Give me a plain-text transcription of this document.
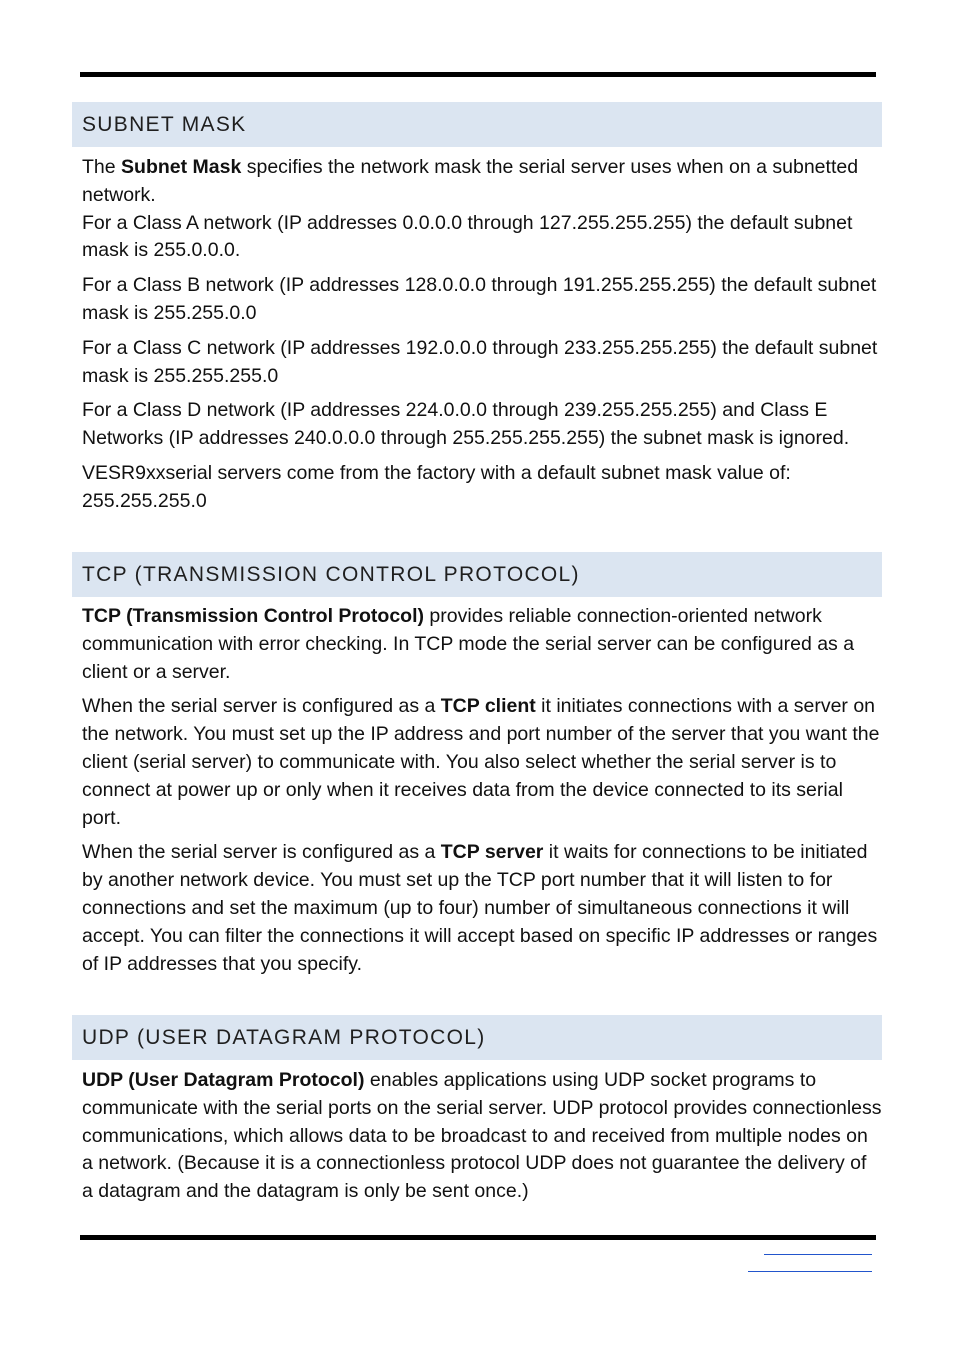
SUBNET MASK

The Subnet Mask specifies the network mask the serial server uses when on a subnetted network.

For a Class A network (IP addresses 0.0.0.0 through 127.255.255.255) the default subnet mask is 255.0.0.0.

For a Class B network (IP addresses 128.0.0.0 through 191.255.255.255) the default subnet mask is 255.255.0.0

For a Class C network (IP addresses 192.0.0.0 through 233.255.255.255) the default subnet mask is 255.255.255.0

For a Class D network (IP addresses 224.0.0.0 through 239.255.255.255) and Class E Networks (IP addresses 240.0.0.0 through 255.255.255.255) the subnet mask is ignored.

VESR9xxserial servers come from the factory with a default subnet mask value of: 255.255.255.0

TCP (TRANSMISSION CONTROL PROTOCOL)

TCP (Transmission Control Protocol) provides reliable connection-oriented network communication with error checking. In TCP mode the serial server can be configured as a client or a server.

When the serial server is configured as a TCP client it initiates connections with a server on the network. You must set up the IP address and port number of the server that you want the client (serial server) to communicate with. You also select whether the serial server is to connect at power up or only when it receives data from the device connected to its serial port.

When the serial server is configured as a TCP server it waits for connections to be initiated by another network device. You must set up the TCP port number that it will listen to for connections and set the maximum (up to four) number of simultaneous connections it will accept. You can filter the connections it will accept based on specific IP addresses or ranges of IP addresses that you specify.

UDP (USER DATAGRAM PROTOCOL)

UDP (User Datagram Protocol) enables applications using UDP socket programs to communicate with the serial ports on the serial server. UDP protocol provides connectionless communications, which allows data to be broadcast to and received from multiple nodes on a network. (Because it is a connectionless protocol UDP does not guarantee the delivery of a datagram and the datagram is only be sent once.)
